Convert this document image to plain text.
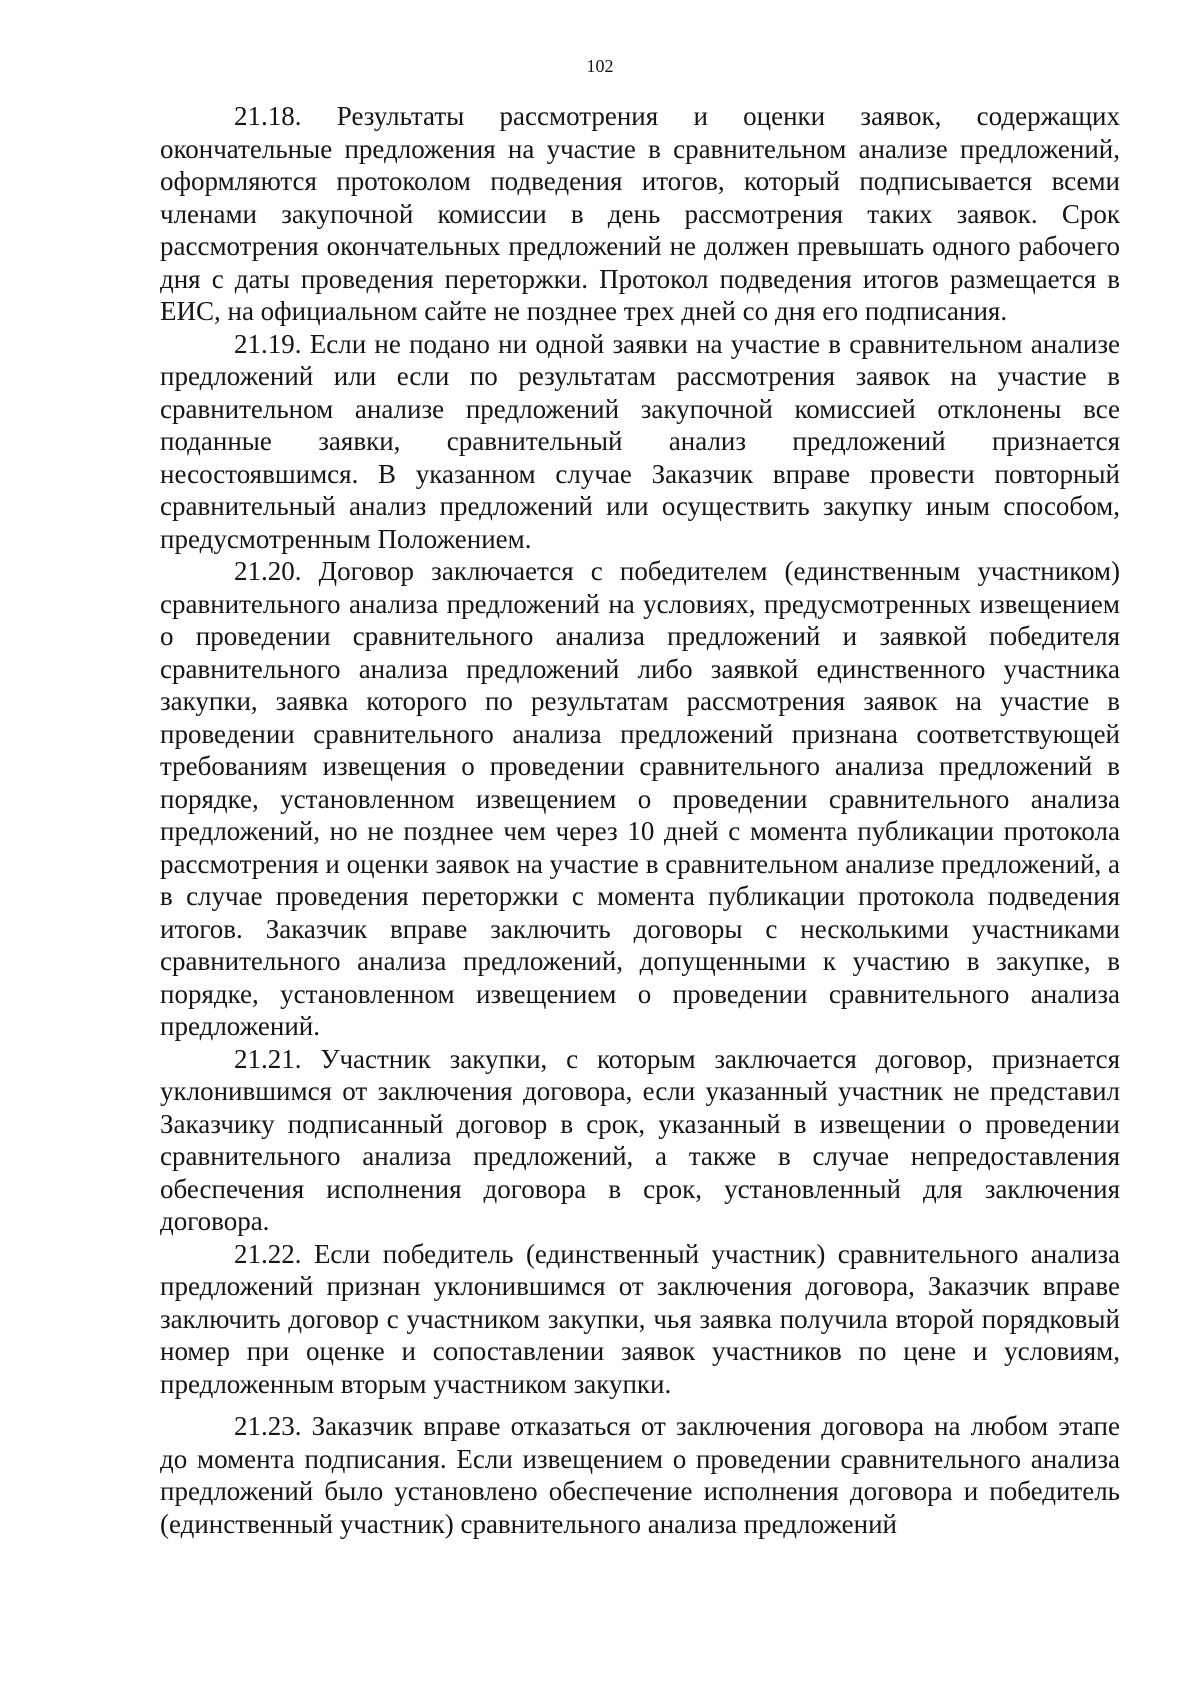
102

21.18. Результаты рассмотрения и оценки заявок, содержащих окончательные предложения на участие в сравнительном анализе предложений, оформляются протоколом подведения итогов, который подписывается всеми членами закупочной комиссии в день рассмотрения таких заявок. Срок рассмотрения окончательных предложений не должен превышать одного рабочего дня с даты проведения переторжки. Протокол подведения итогов размещается в ЕИС, на официальном сайте не позднее трех дней со дня его подписания.

21.19. Если не подано ни одной заявки на участие в сравнительном анализе предложений или если по результатам рассмотрения заявок на участие в сравнительном анализе предложений закупочной комиссией отклонены все поданные заявки, сравнительный анализ предложений признается несостоявшимся. В указанном случае Заказчик вправе провести повторный сравнительный анализ предложений или осуществить закупку иным способом, предусмотренным Положением.

21.20. Договор заключается с победителем (единственным участником) сравнительного анализа предложений на условиях, предусмотренных извещением о проведении сравнительного анализа предложений и заявкой победителя сравнительного анализа предложений либо заявкой единственного участника закупки, заявка которого по результатам рассмотрения заявок на участие в проведении сравнительного анализа предложений признана соответствующей требованиям извещения о проведении сравнительного анализа предложений в порядке, установленном извещением о проведении сравнительного анализа предложений, но не позднее чем через 10 дней с момента публикации протокола рассмотрения и оценки заявок на участие в сравнительном анализе предложений, а в случае проведения переторжки с момента публикации протокола подведения итогов. Заказчик вправе заключить договоры с несколькими участниками сравнительного анализа предложений, допущенными к участию в закупке, в порядке, установленном извещением о проведении сравнительного анализа предложений.

21.21. Участник закупки, с которым заключается договор, признается уклонившимся от заключения договора, если указанный участник не представил Заказчику подписанный договор в срок, указанный в извещении о проведении сравнительного анализа предложений, а также в случае непредоставления обеспечения исполнения договора в срок, установленный для заключения договора.

21.22. Если победитель (единственный участник) сравнительного анализа предложений признан уклонившимся от заключения договора, Заказчик вправе заключить договор с участником закупки, чья заявка получила второй порядковый номер при оценке и сопоставлении заявок участников по цене и условиям, предложенным вторым участником закупки.

21.23. Заказчик вправе отказаться от заключения договора на любом этапе до момента подписания. Если извещением о проведении сравнительного анализа предложений было установлено обеспечение исполнения договора и победитель (единственный участник) сравнительного анализа предложений
